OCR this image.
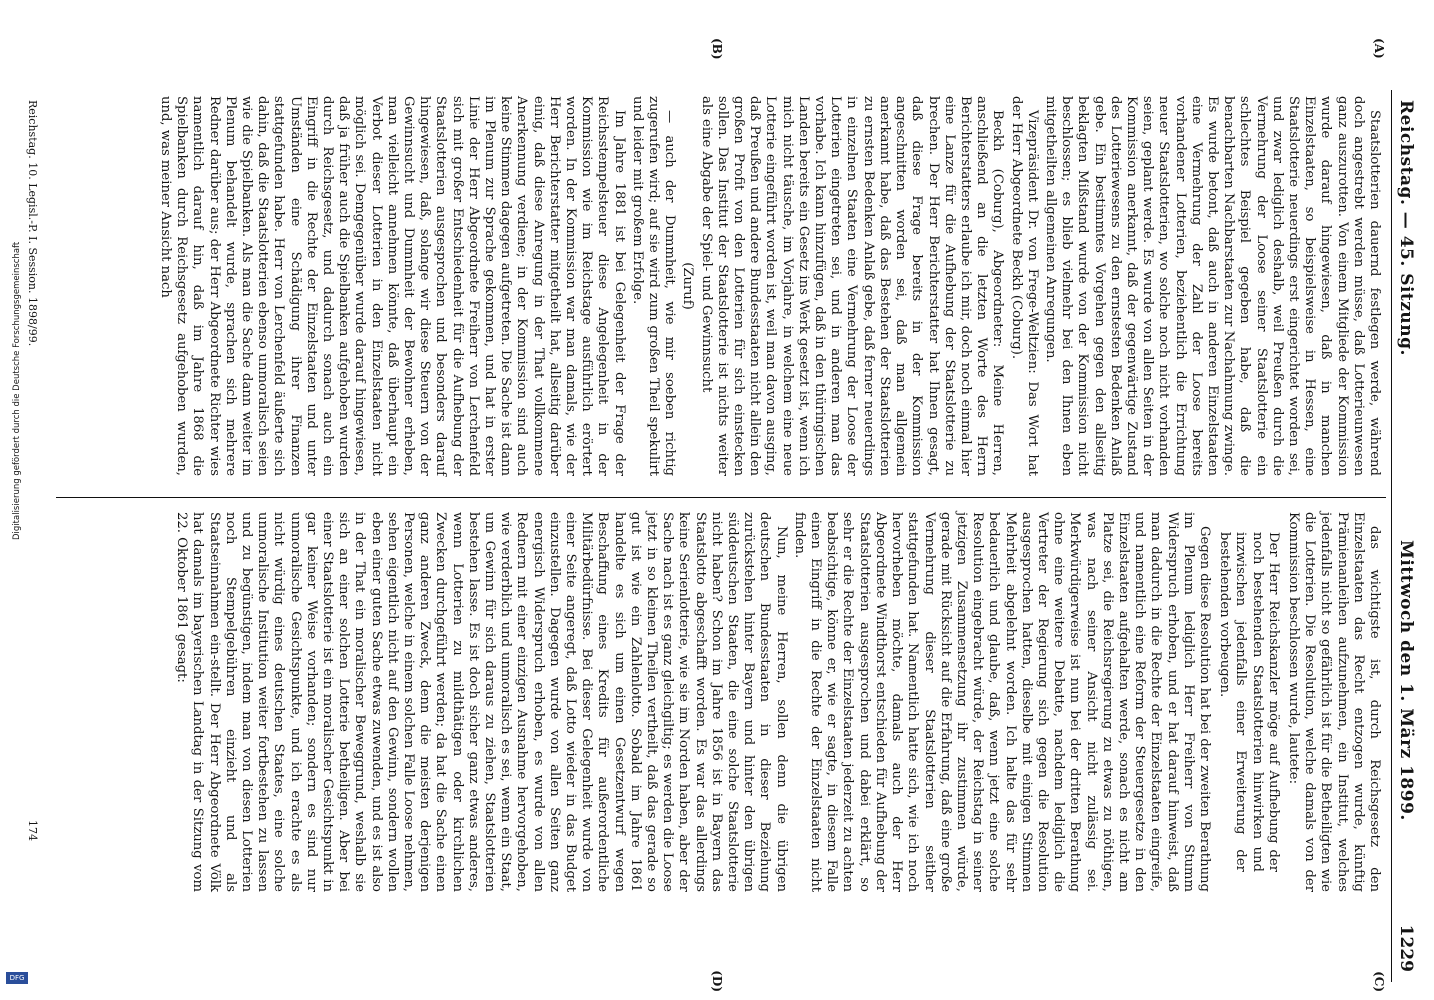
(A)
(B)
(C)
(D)
Reichstag. — 45. Sitzung.
Mittwoch den 1. März 1899.
1229

Staatslotterien dauernd festlegen werde, während doch angestrebt werden müsse, daß Lotterieunwesen ganz auszurotten. Von einem Mitgliede der Kommission wurde darauf hingewiesen, daß in manchen Einzelstaaten, so beispielsweise in Hessen, eine Staatslotterie neuerdings erst eingerichtet worden sei, und zwar lediglich deshalb, weil Preußen durch die Vermehrung der Loose seiner Staatslotterie ein schlechtes Beispiel gegeben habe, daß die benachbarten Nachbarstaaten zur Nachahmung zwinge. Es wurde betont, daß auch in anderen Einzelstaaten eine Vermehrung der Zahl der Loose bereits vorhandener Lotterien, beziehentlich die Errichtung neuer Staatslotterien, wo solche noch nicht vorhanden seien, geplant werde. Es wurde von allen Seiten in der Kommission anerkannt, daß der gegenwärtige Zustand des Lotteriewesens zu den ernstesten Bedenken Anlaß gebe. Ein bestimmtes Vorgehen gegen den allseitig beklagten Mißstand wurde von der Kommission nicht beschlossen; es blieb vielmehr bei den Ihnen eben mitgetheilten allgemeinen Anregungen.

Vizepräsident Dr. von Frege-Weltzien: Das Wort hat der Herr Abgeordnete Beckh (Coburg).

Beckh (Coburg), Abgeordneter: Meine Herren, anschließend an die letzten Worte des Herrn Berichterstatters erlaube ich mir, doch noch einmal hier eine Lanze für die Aufhebung der Staatslotterie zu brechen. Der Herr Berichterstatter hat Ihnen gesagt, daß diese Frage bereits in der Kommission angeschnitten worden sei, daß man allgemein anerkannt habe, daß das Bestehen der Staatslotterien zu ernsten Bedenken Anlaß gebe, daß ferner neuerdings in einzelnen Staaten eine Vermehrung der Loose der Lotterien eingetreten sei, und in anderen man das vorhabe. Ich kann hinzufügen, daß in den thüringischen Landen bereits ein Gesetz ins Werk gesetzt ist, wenn ich mich nicht täusche, im Vorjahre, in welchem eine neue Lotterie eingeführt worden ist, weil man davon ausging, daß Preußen und andere Bundesstaaten nicht allein den großen Profit von den Lotterien für sich einstecken sollen. Das Institut der Staatslotterie ist nichts weiter als eine Abgabe der Spiel- und Gewinnsucht

(Zuruf)

— auch der Dummheit, wie mir soeben richtig zugerufen wird; auf sie wird zum großen Theil spekulirt und leider mit großem Erfolge.

Im Jahre 1881 ist bei Gelegenheit der Frage der Reichsstempelsteuer diese Angelegenheit in der Kommission wie im Reichstage ausführlich erörtert worden. In der Kommission war man damals, wie der Herr Berichterstatter mitgetheilt hat, allseitig darüber einig, daß diese Anregung in der That vollkommene Anerkennung verdiene; in der Kommission sind auch keine Stimmen dagegen aufgetreten. Die Sache ist dann im Plenum zur Sprache gekommen, und hat in erster Linie der Herr Abgeordnete Freiherr von Lerchenfeld sich mit großer Entschiedenheit für die Aufhebung der Staatslotterien ausgesprochen und besonders darauf hingewiesen, daß, solange wir diese Steuern von der Gewinnsucht und Dummheit der Bewohner erheben, man vielleicht annehmen könnte, daß überhaupt ein Verbot dieser Lotterien in den Einzelstaaten nicht möglich sei. Demgegenüber wurde darauf hingewiesen, daß ja früher auch die Spielbanken aufgehoben wurden durch Reichsgesetz, und dadurch sonach auch ein Eingriff in die Rechte der Einzelstaaten und unter Umständen eine Schädigung ihrer Finanzen stattgefunden habe. Herr von Lerchenfeld äußerte sich dahin, daß die Staatslotterien ebenso unmoralisch seien wie die Spielbanken. Als man die Sache dann weiter im Plenum behandelt wurde, sprachen sich mehrere Redner darüber aus; der Herr Abgeordnete Richter wies namentlich darauf hin, daß im Jahre 1868 die Spielbanken durch Reichsgesetz aufgehoben wurden, und, was meiner Ansicht nach

das wichtigste ist, durch Reichsgesetz den Einzelstaaten das Recht entzogen wurde, künftig Prämienanleihen aufzunehmen, ein Institut, welches jedenfalls nicht so gefährlich ist für die Betheiligten wie die Lotterien. Die Resolution, welche damals von der Kommission beschlossen wurde, lautete:

Der Herr Reichskanzler möge auf Aufhebung der noch bestehenden Staatslotterien hinwirken und inzwischen jedenfalls einer Erweiterung der bestehenden vorbeugen.

Gegen diese Resolution hat bei der zweiten Berathung im Plenum lediglich Herr Freiherr von Stumm Widerspruch erhoben, und er hat darauf hinweist, daß man dadurch in die Rechte der Einzelstaaten eingreife, und namentlich eine Reform der Steuergesetze in den Einzelstaaten aufgehalten werde, sonach es nicht am Platze sei, die Reichsregierung zu etwas zu nöthigen, was nach seiner Ansicht nicht zulässig sei. Merkwürdigerweise ist nun bei der dritten Berathung ohne eine weitere Debatte, nachdem lediglich die Vertreter der Regierung sich gegen die Resolution ausgesprochen hatten, dieselbe mit einigen Stimmen Mehrheit abgelehnt worden. Ich halte das für sehr bedauerlich und glaube, daß, wenn jetzt eine solche Resolution eingebracht würde, der Reichstag in seiner jetzigen Zusammensetzung ihr zustimmen würde, gerade mit Rücksicht auf die Erfahrung, daß eine große Vermehrung dieser Staatslotterien seither stattgefunden hat. Namentlich hatte sich, wie ich noch hervorheben möchte, damals auch der Herr Abgeordnete Windthorst entschieden für Aufhebung der Staatslotterien ausgesprochen und dabei erklärt, so sehr er die Rechte der Einzelstaaten jederzeit zu achten beabsichtige, könne er, wie er sagte, in diesem Falle einen Eingriff in die Rechte der Einzelstaaten nicht finden.

Nun, meine Herren, sollen denn die übrigen deutschen Bundesstaaten in dieser Beziehung zurückstehen hinter Bayern und hinter den übrigen süddeutschen Staaten, die eine solche Staatslotterie nicht haben? Schon im Jahre 1856 ist in Bayern das Staatslotto abgeschafft worden. Es war das allerdings keine Serienlotterie, wie sie im Norden haben, aber der Sache nach ist es ganz gleichgiltig; es werden die Loose jetzt in so kleinen Theilen vertheilt, daß das gerade so gut ist wie ein Zahlenlotto. Sobald im Jahre 1861 handelte es sich um einen Gesetzentwurf wegen Beschaffung eines Kredits für außerordentliche Militärbedürfnisse. Bei dieser Gelegenheit wurde von einer Seite angeregt, daß Lotto wieder in das Budget einzustellen. Dagegen wurde von allen Seiten ganz energisch Widerspruch erhoben, es wurde von allen Rednern mit einer einzigen Ausnahme hervorgehoben, wie verderblich und unmoralisch es sei, wenn ein Staat, um Gewinn für sich daraus zu ziehen, Staatslotterien bestehen lasse. Es ist doch sicher ganz etwas anderes, wenn Lotterien zu mildthätigen oder kirchlichen Zwecken durchgeführt werden; da hat die Sache einen ganz anderen Zweck, denn die meisten derjenigen Personen, welche in einem solchen Falle Loose nehmen, sehen eigentlich nicht auf den Gewinn, sondern wollen eben einer guten Sache etwas zuwenden, und es ist also in der That ein moralischer Beweggrund, weshalb sie sich an einer solchen Lotterie betheiligen. Aber bei einer Staatslotterie ist ein moralischer Gesichtspunkt in gar keiner Weise vorhanden; sondern es sind nur unmoralische Gesichtspunkte, und ich erachte es als nicht würdig eines deutschen Staates, eine solche unmoralische Institution weiter fortbestehen zu lassen und zu begünstigen, indem man von diesen Lotterien noch Stempelgebühren einzieht und als Staatseinnahmen ein-stellt. Der Herr Abgeordnete Völk hat damals im bayerischen Landtag in der Sitzung vom 22. Oktober 1861 gesagt:

Reichstag. 10. Legisl.-P. I. Session. 1898/99.
174
Digitalisierung gefördert durch die Deutsche Forschungsgemeinschaft
DFG
